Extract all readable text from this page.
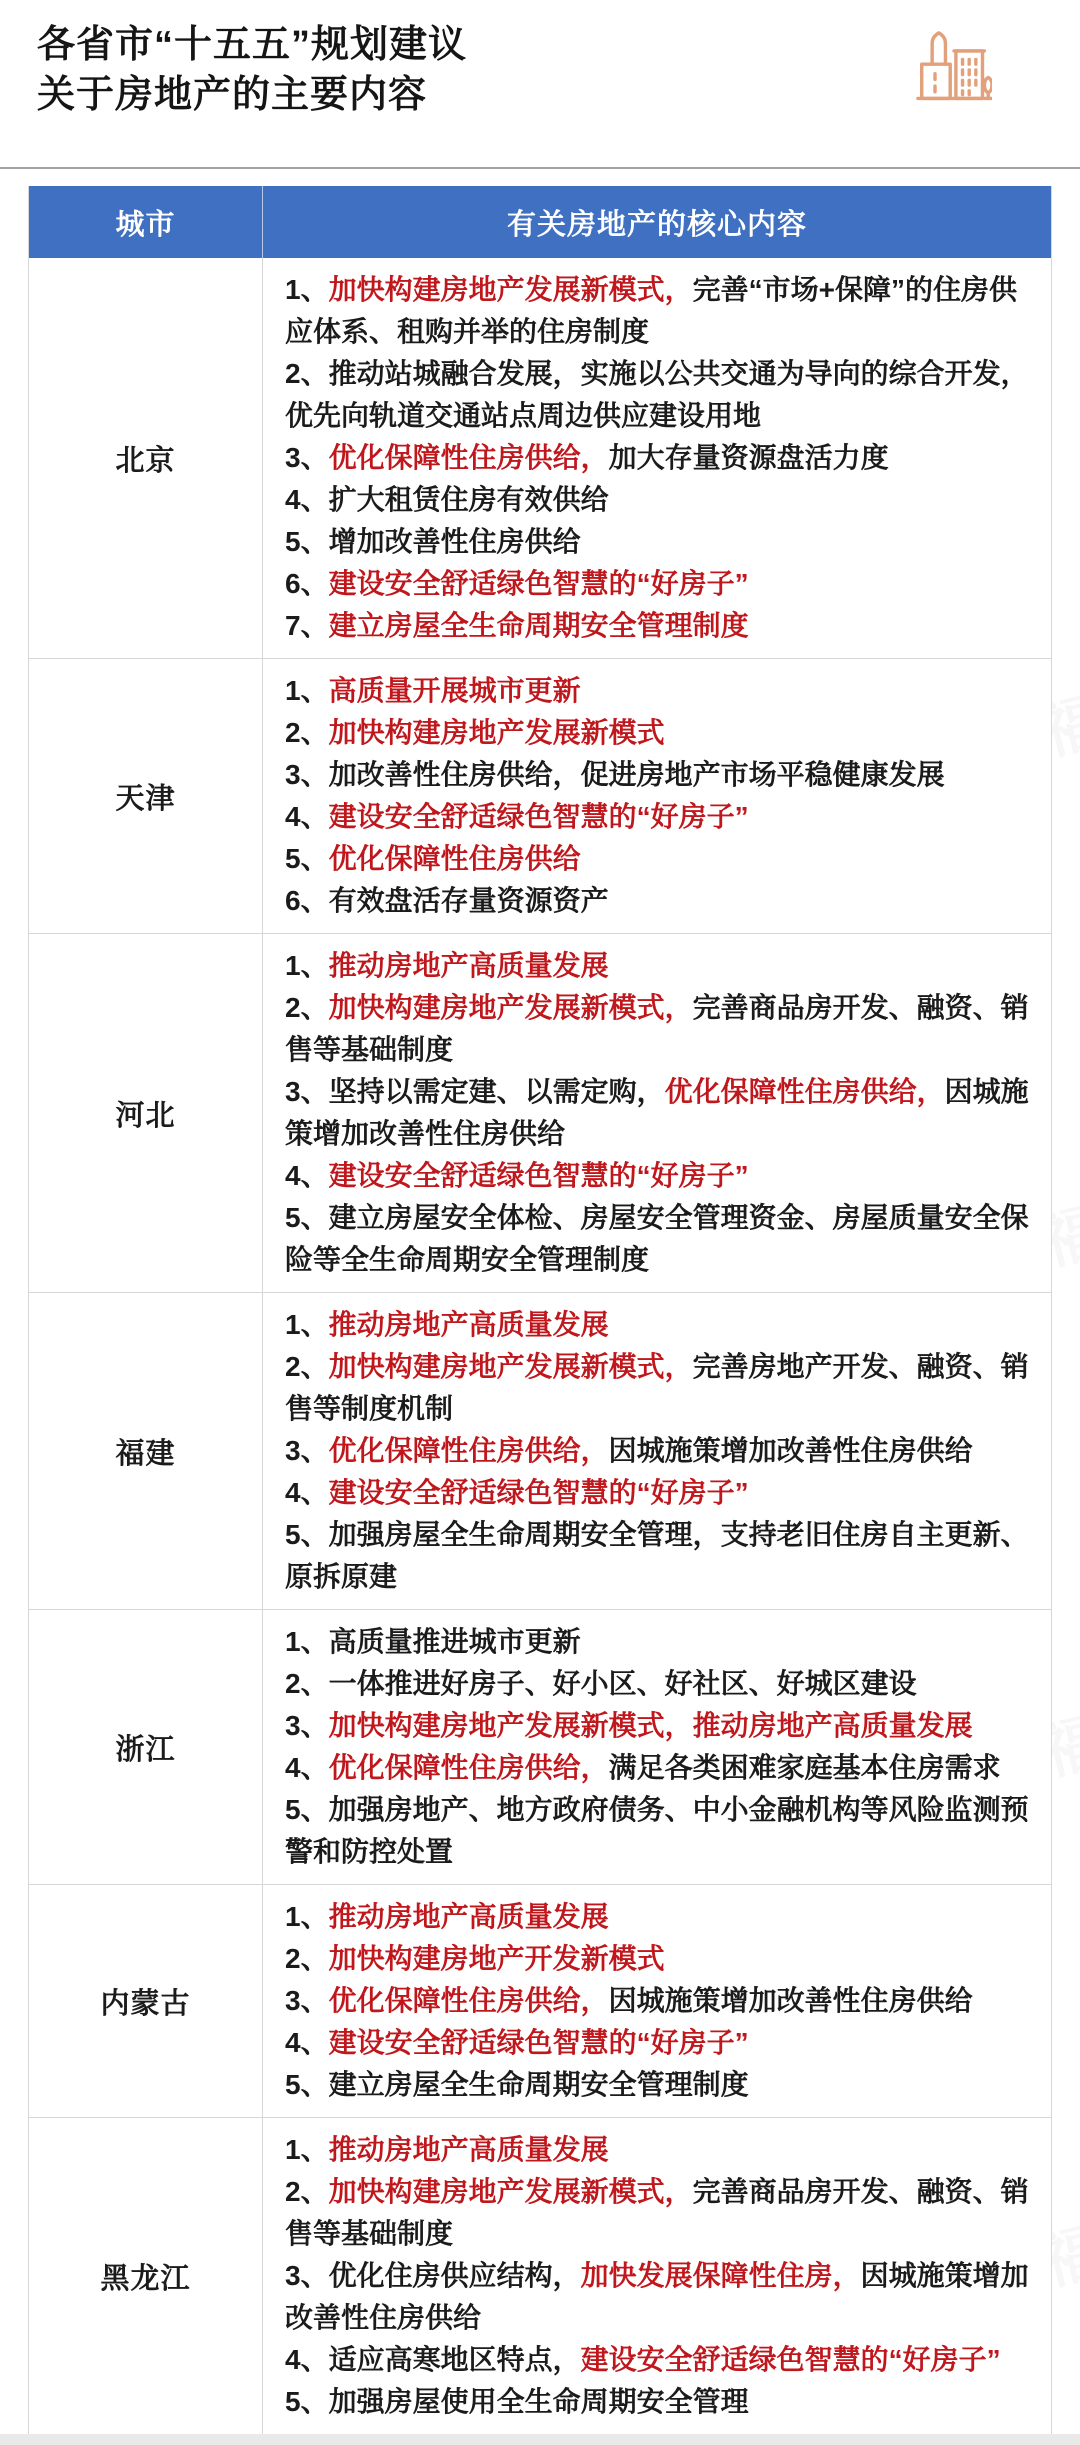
各省市“十五五”规划建议
关于房地产的主要内容
城市	有关房地产的核心内容
北京
1、加快构建房地产发展新模式，完善“市场+保障”的住房供应体系、租购并举的住房制度
2、推动站城融合发展，实施以公共交通为导向的综合开发，优先向轨道交通站点周边供应建设用地
3、优化保障性住房供给，加大存量资源盘活力度
4、扩大租赁住房有效供给
5、增加改善性住房供给
6、建设安全舒适绿色智慧的“好房子”
7、建立房屋全生命周期安全管理制度
天津
1、高质量开展城市更新
2、加快构建房地产发展新模式
3、加改善性住房供给，促进房地产市场平稳健康发展
4、建设安全舒适绿色智慧的“好房子”
5、优化保障性住房供给
6、有效盘活存量资源资产
河北
1、推动房地产高质量发展
2、加快构建房地产发展新模式，完善商品房开发、融资、销售等基础制度
3、坚持以需定建、以需定购，优化保障性住房供给，因城施策增加改善性住房供给
4、建设安全舒适绿色智慧的“好房子”
5、建立房屋安全体检、房屋安全管理资金、房屋质量安全保险等全生命周期安全管理制度
福建
1、推动房地产高质量发展
2、加快构建房地产发展新模式，完善房地产开发、融资、销售等制度机制
3、优化保障性住房供给，因城施策增加改善性住房供给
4、建设安全舒适绿色智慧的“好房子”
5、加强房屋全生命周期安全管理，支持老旧住房自主更新、原拆原建
浙江
1、高质量推进城市更新
2、一体推进好房子、好小区、好社区、好城区建设
3、加快构建房地产发展新模式，推动房地产高质量发展
4、优化保障性住房供给，满足各类困难家庭基本住房需求
5、加强房地产、地方政府债务、中小金融机构等风险监测预警和防控处置
内蒙古
1、推动房地产高质量发展
2、加快构建房地产开发新模式
3、优化保障性住房供给，因城施策增加改善性住房供给
4、建设安全舒适绿色智慧的“好房子”
5、建立房屋全生命周期安全管理制度
黑龙江
1、推动房地产高质量发展
2、加快构建房地产发展新模式，完善商品房开发、融资、销售等基础制度
3、优化住房供应结构，加快发展保障性住房，因城施策增加改善性住房供给
4、适应高寒地区特点，建设安全舒适绿色智慧的“好房子”
5、加强房屋使用全生命周期安全管理
